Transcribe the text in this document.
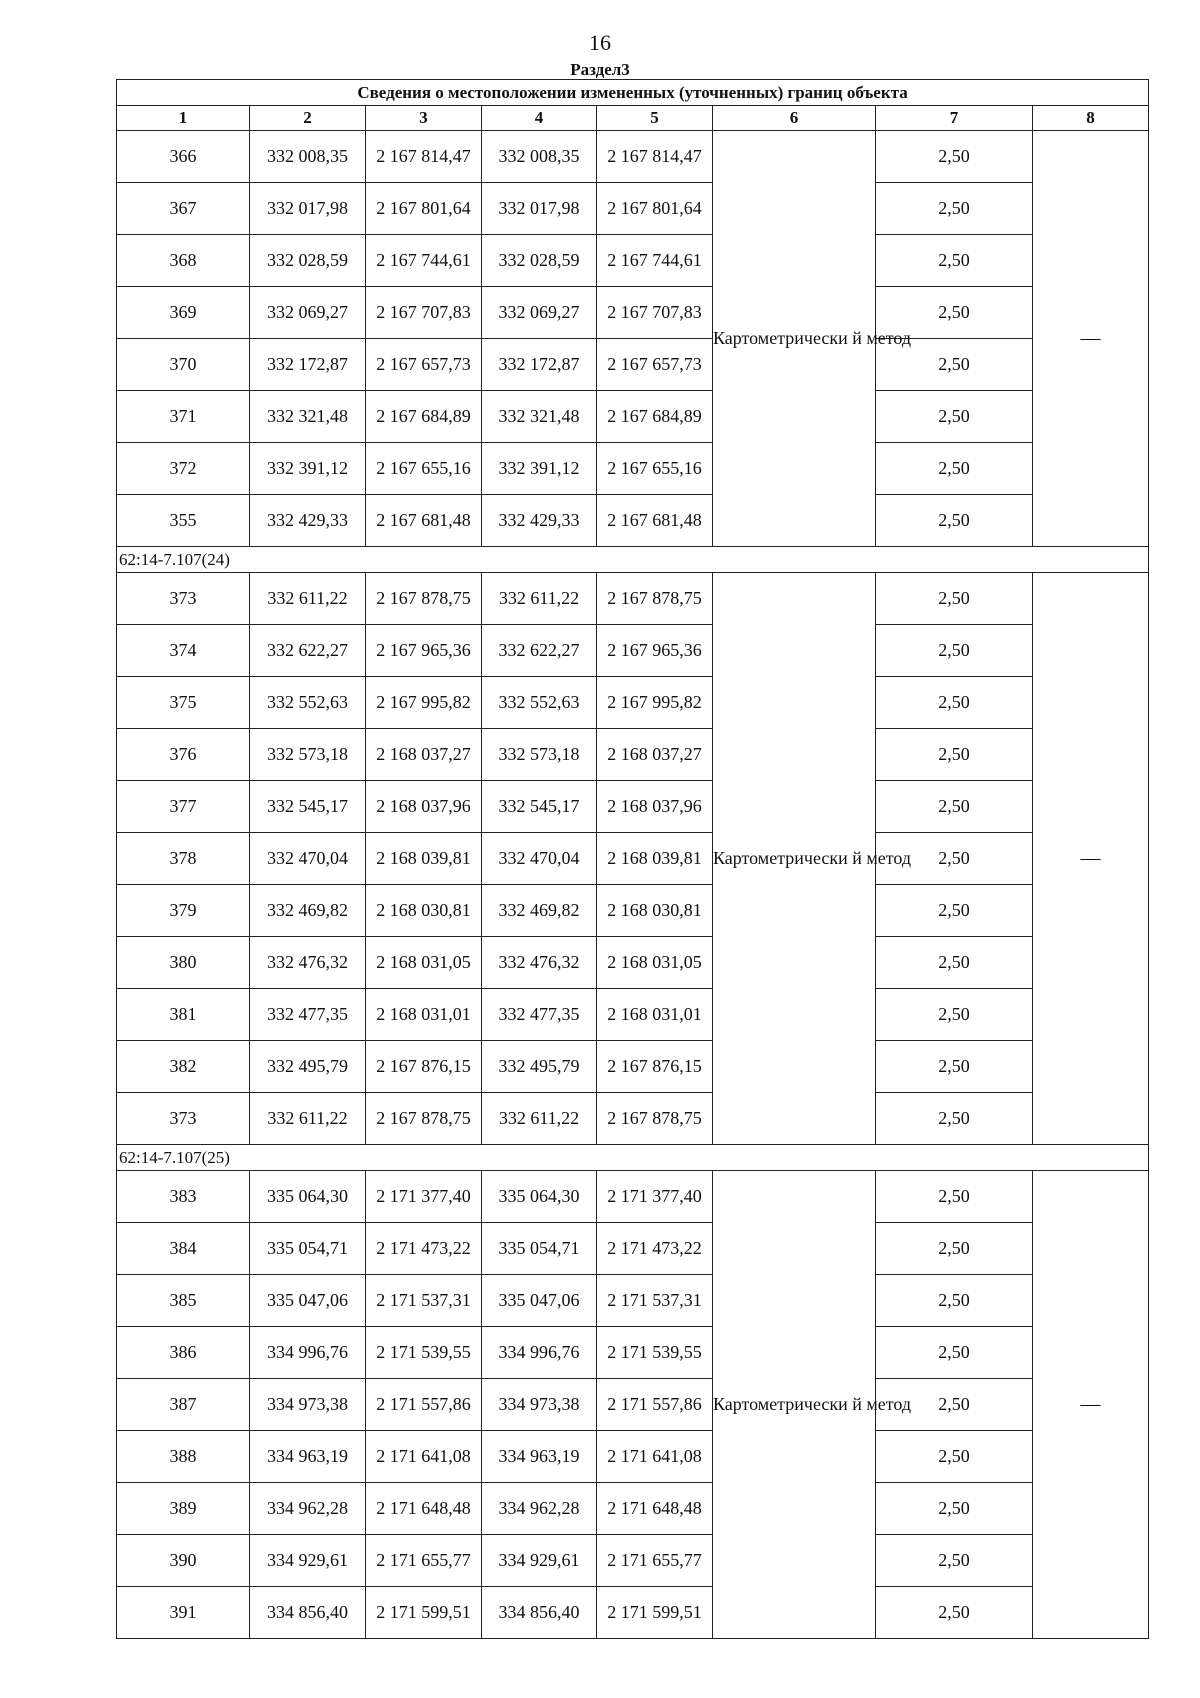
16
Раздел3
Сведения о местоположении измененных (уточненных) границ объекта							
1	2	3	4	5	6	7	8
366	332 008,35	2 167 814,47	332 008,35	2 167 814,47	Картометрически й метод	2,50	—
367	332 017,98	2 167 801,64	332 017,98	2 167 801,64		2,50	
368	332 028,59	2 167 744,61	332 028,59	2 167 744,61		2,50	
369	332 069,27	2 167 707,83	332 069,27	2 167 707,83		2,50	
370	332 172,87	2 167 657,73	332 172,87	2 167 657,73		2,50	
371	332 321,48	2 167 684,89	332 321,48	2 167 684,89		2,50	
372	332 391,12	2 167 655,16	332 391,12	2 167 655,16		2,50	
355	332 429,33	2 167 681,48	332 429,33	2 167 681,48		2,50	
62:14-7.107(24)							
373	332 611,22	2 167 878,75	332 611,22	2 167 878,75	Картометрически й метод	2,50	—
374	332 622,27	2 167 965,36	332 622,27	2 167 965,36		2,50	
375	332 552,63	2 167 995,82	332 552,63	2 167 995,82		2,50	
376	332 573,18	2 168 037,27	332 573,18	2 168 037,27		2,50	
377	332 545,17	2 168 037,96	332 545,17	2 168 037,96		2,50	
378	332 470,04	2 168 039,81	332 470,04	2 168 039,81		2,50	
379	332 469,82	2 168 030,81	332 469,82	2 168 030,81		2,50	
380	332 476,32	2 168 031,05	332 476,32	2 168 031,05		2,50	
381	332 477,35	2 168 031,01	332 477,35	2 168 031,01		2,50	
382	332 495,79	2 167 876,15	332 495,79	2 167 876,15		2,50	
373	332 611,22	2 167 878,75	332 611,22	2 167 878,75		2,50	
62:14-7.107(25)							
383	335 064,30	2 171 377,40	335 064,30	2 171 377,40	Картометрически й метод	2,50	—
384	335 054,71	2 171 473,22	335 054,71	2 171 473,22		2,50	
385	335 047,06	2 171 537,31	335 047,06	2 171 537,31		2,50	
386	334 996,76	2 171 539,55	334 996,76	2 171 539,55		2,50	
387	334 973,38	2 171 557,86	334 973,38	2 171 557,86		2,50	
388	334 963,19	2 171 641,08	334 963,19	2 171 641,08		2,50	
389	334 962,28	2 171 648,48	334 962,28	2 171 648,48		2,50	
390	334 929,61	2 171 655,77	334 929,61	2 171 655,77		2,50	
391	334 856,40	2 171 599,51	334 856,40	2 171 599,51		2,50	
